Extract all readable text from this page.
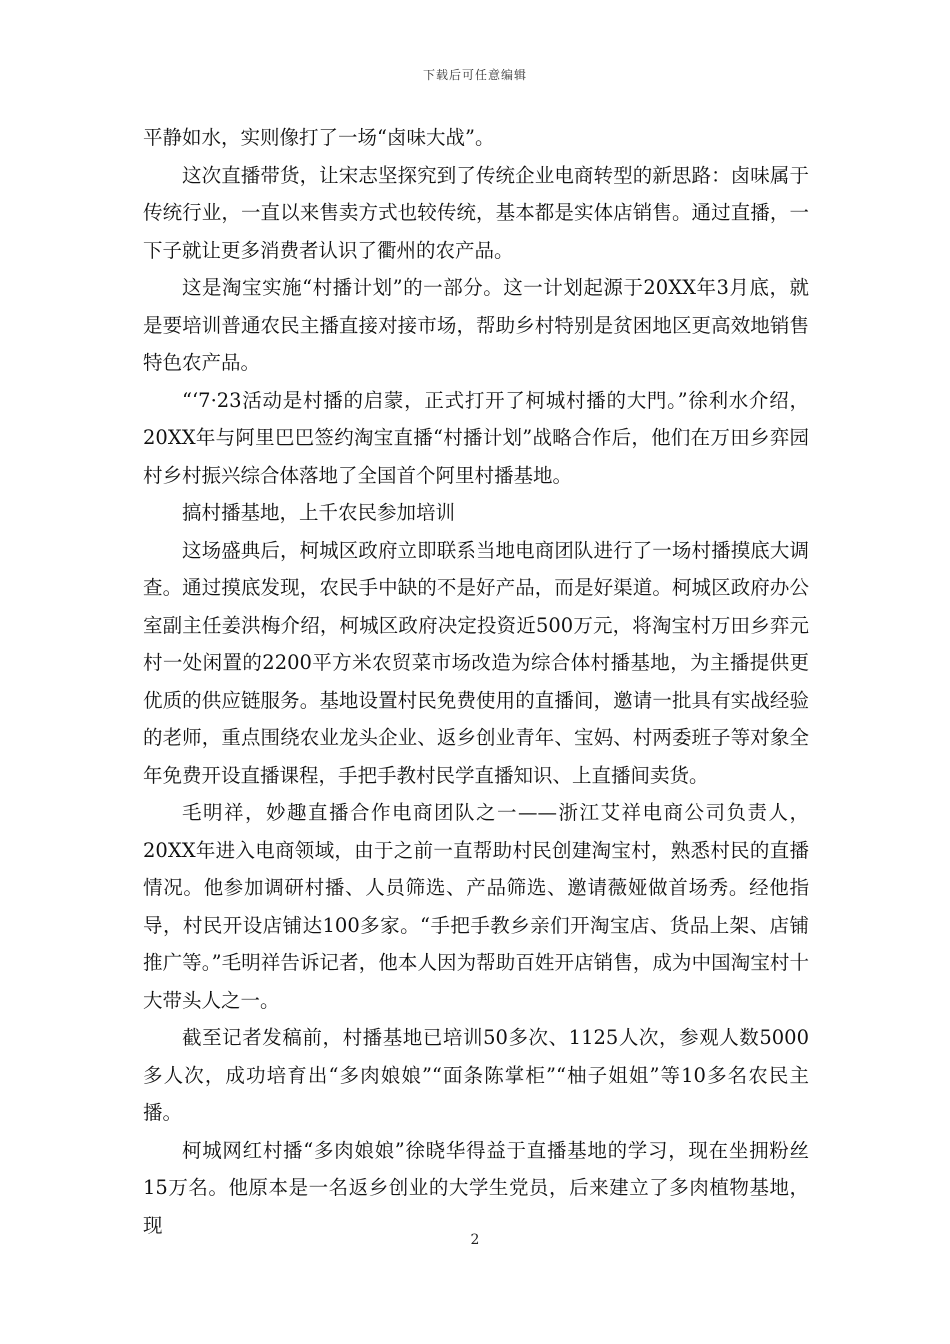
下载后可任意编辑

平静如水，实则像打了一场“卤味大战”。

这次直播带货，让宋志坚探究到了传统企业电商转型的新思路：卤味属于传统行业，一直以来售卖方式也较传统，基本都是实体店销售。通过直播，一下子就让更多消费者认识了衢州的农产品。

这是淘宝实施“村播计划”的一部分。这一计划起源于20XX年3月底，就是要培训普通农民主播直接对接市场，帮助乡村特别是贫困地区更高效地销售特色农产品。

“‘7·23活动是村播的启蒙，正式打开了柯城村播的大門。”徐利水介绍，20XX年与阿里巴巴签约淘宝直播“村播计划”战略合作后，他们在万田乡弈园村乡村振兴综合体落地了全国首个阿里村播基地。

搞村播基地，上千农民参加培训

这场盛典后，柯城区政府立即联系当地电商团队进行了一场村播摸底大调查。通过摸底发现，农民手中缺的不是好产品，而是好渠道。柯城区政府办公室副主任姜洪梅介绍，柯城区政府决定投资近500万元，将淘宝村万田乡弈元村一处闲置的2200平方米农贸菜市场改造为综合体村播基地，为主播提供更优质的供应链服务。基地设置村民免费使用的直播间，邀请一批具有实战经验的老师，重点围绕农业龙头企业、返乡创业青年、宝妈、村两委班子等对象全年免费开设直播课程，手把手教村民学直播知识、上直播间卖货。

毛明祥，妙趣直播合作电商团队之一——浙江艾祥电商公司负责人，20XX年进入电商领域，由于之前一直帮助村民创建淘宝村，熟悉村民的直播情况。他参加调研村播、人员筛选、产品筛选、邀请薇娅做首场秀。经他指导，村民开设店铺达100多家。“手把手教乡亲们开淘宝店、货品上架、店铺推广等。”毛明祥告诉记者，他本人因为帮助百姓开店销售，成为中国淘宝村十大带头人之一。

截至记者发稿前，村播基地已培训50多次、1125人次，参观人数5000多人次，成功培育出“多肉娘娘”“面条陈掌柜”“柚子姐姐”等10多名农民主播。

柯城网红村播“多肉娘娘”徐晓华得益于直播基地的学习，现在坐拥粉丝15万名。他原本是一名返乡创业的大学生党员，后来建立了多肉植物基地，现

2
